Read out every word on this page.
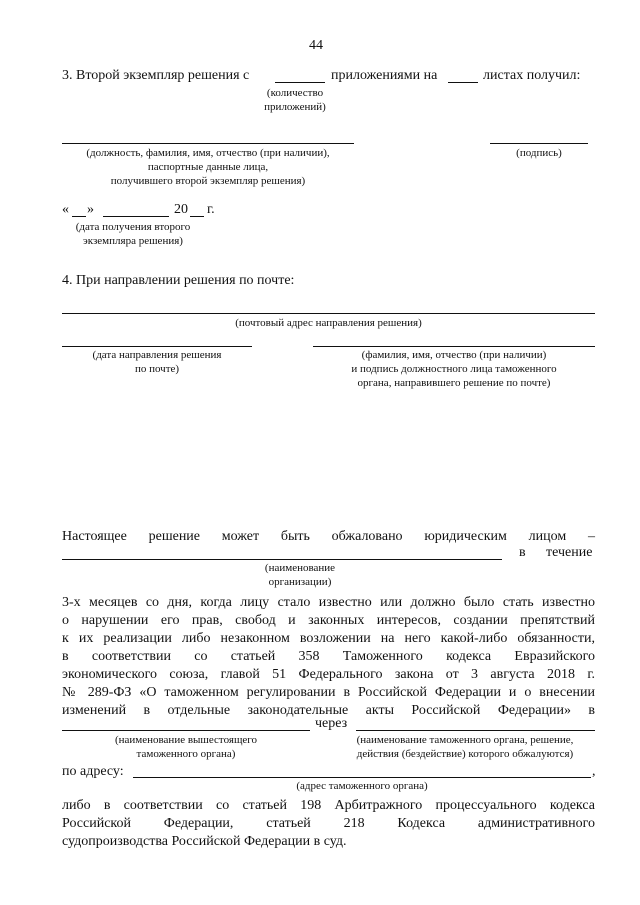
44
3. Второй экземпляр решения с	приложениями на	листах получил:
(количество
приложений)
(должность, фамилия, имя, отчество (при наличии),
паспортные данные лица,
получившего второй экземпляр решения)
(подпись)
« »	20 г.
(дата получения второго
экземпляра решения)
4. При направлении решения по почте:
(почтовый адрес направления решения)
(дата направления решения
по почте)
(фамилия, имя, отчество (при наличии)
и подпись должностного лица таможенного
органа, направившего решение по почте)
Настоящее решение может быть обжаловано юридическим лицом –
в течение
(наименование
организации)
3-х месяцев со дня, когда лицу стало известно или должно было стать известно
о нарушении его прав, свобод и законных интересов, создании препятствий
к их реализации либо незаконном возложении на него какой-либо обязанности,
в соответствии со статьей 358 Таможенного кодекса Евразийского
экономического союза, главой 51 Федерального закона от 3 августа 2018 г.
№ 289-ФЗ «О таможенном регулировании в Российской Федерации и о внесении
изменений в отдельные законодательные акты Российской Федерации» в
через
(наименование вышестоящего
таможенного органа)
(наименование таможенного органа, решение,
действия (бездействие) которого обжалуются)
по адресу:	,
(адрес таможенного органа)
либо в соответствии со статьей 198 Арбитражного процессуального кодекса
Российской Федерации, статьей 218 Кодекса административного
судопроизводства Российской Федерации в суд.
